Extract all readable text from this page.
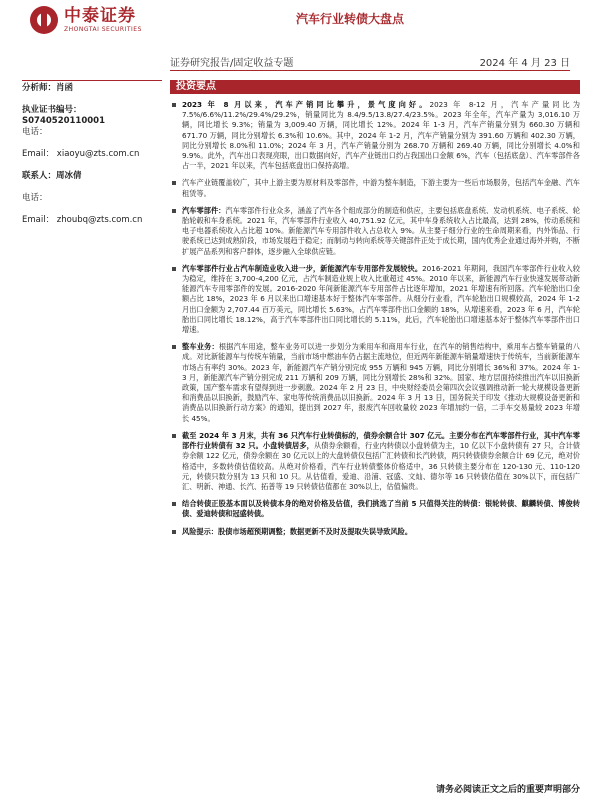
中泰证券
ZHONGTAI SECURITIES
汽车行业转债大盘点
证券研究报告/固定收益专题	2024 年 4 月 23 日
分析师：肖函
执业证书编号：S0740520110001
电话：
Email： xiaoyu@zts.com.cn
联系人：周冰倩
电话：
Email： zhoubq@zts.com.cn
投资要点
2023 年 8 月以来，汽车产销同比攀升，景气度向好。2023 年 8-12 月，汽车产量同比为 7.5%/6.6%/11.2%/29.4%/29.2%，销量同比为 8.4/9.5/13.8/27.4/23.5%。2023 年全年，汽车产量为 3,016.10 万辆，同比增长 9.3%；销量为 3,009.40 万辆，同比增长 12%。2024 年 1-3 月，汽车产销量分别为 660.30 万辆和 671.70 万辆，同比分别增长 6.3%和 10.6%。其中，2024 年 1-2 月，汽车产销量分别为 391.60 万辆和 402.30 万辆，同比分别增长 8.0%和 11.0%；2024 年 3 月，汽车产销量分别为 268.70 万辆和 269.40 万辆，同比分别增长 4.0%和 9.9%。此外，汽车出口表现亮眼，出口数据向好，汽车产业链出口约占我国出口金额 6%，汽车（包括底盘）、汽车零部件各占一半，2021 年以来，汽车包括底盘出口保持高增。
汽车产业链覆盖较广，其中上游主要为原材料及零部件，中游为整车制造，下游主要为一些后市场服务，包括汽车金融、汽车租赁等。
汽车零部件：汽车零部件行业众多，涵盖了汽车各个组成部分的制造和供应，主要包括底盘系统、发动机系统、电子系统、轮胎轮毂和车身系统。2021 年，汽车零部件行业收入 40,751.92 亿元，其中车身系统收入占比最高，达到 28%，传动系统和电子电器系统收入占比超 10%。新能源汽车专用部件收入占总收入 9%。从主要子细分行业的生命周期来看，内外饰品、行驶系统已达到成熟阶段，市场发展趋于稳定；而制动与转向系统等关键部件正处于成长期，国内优秀企业通过海外并购，不断扩展产品系列和客户群体，逐步融入全球供应链。
汽车零部件行业占汽车制造业收入进一步，新能源汽车专用部件发展较快。2016-2021 年期间，我国汽车零部件行业收入较为稳定，维持在 3,700-4,200 亿元，占汽车制造业规上收入比重超过 45%。2010 年以来，新能源汽车行业快速发展带动新能源汽车专用零部件的发展。2016-2020 年间新能源汽车专用部件占比逐年增加，2021 年增速有所回落。汽车轮胎出口金额占比 18%，2023 年 6 月以来出口增速基本好于整体汽车零部件。从细分行业看，汽车轮胎出口规模较高，2024 年 1-2 月出口金额为 2,707.44 百万美元，同比增长 5.63%，占汽车零部件出口金额的 18%，从增速来看，2023 年 6 月，汽车轮胎出口同比增长 18.12%，高于汽车零部件出口同比增长的 5.11%，此后，汽车轮胎出口增速基本好于整体汽车零部件出口增速。
整车业务：根据汽车用途，整车业务可以进一步划分为乘用车和商用车行业，在汽车的销售结构中，乘用车占整车销量的八成。对比新能源车与传统车销量，当前市场中燃油车仍占据主流地位，但近两年新能源车销量增速快于传统车，当前新能源车市场占有率约 30%。2023 年，新能源汽车产销分别完成 955 万辆和 945 万辆，同比分别增长 36%和 37%。2024 年 1-3 月，新能源汽车产销分别完成 211 万辆和 209 万辆，同比分别增长 28%和 32%。国家、地方层面持续推出汽车以旧换新政策，国产整车需求有望得到进一步刺激。2024 年 2 月 23 日，中央财经委员会第四次会议强调推动新一轮大规模设备更新和消费品以旧换新，鼓励汽车、家电等传统消费品以旧换新。2024 年 3 月 13 日，国务院关于印发《推动大规模设备更新和消费品以旧换新行动方案》的通知，提出到 2027 年，报废汽车回收量较 2023 年增加约一倍，二手车交易量较 2023 年增长 45%。
截至 2024 年 3 月末，共有 36 只汽车行业转债标的，债券余额合计 307 亿元。主要分布在汽车零部件行业，其中汽车零部件行业转债有 32 只。小盘转债居多，从债券余额看，行业内转债以小盘转债为主，10 亿以下小盘转债有 27 只，合计债券余额 122 亿元，债券余额在 30 亿元以上的大盘转债仅包括广汇转债和长汽转债，两只转债债券余额合计 69 亿元，绝对价格适中，多数转债估值较高。从绝对价格看，汽车行业转债整体价格适中，36 只转债主要分布在 120-130 元、110-120 元，转债只数分别为 13 只和 10 只。从估值看，爱迪、沿浦、冠盛、文灿、德尔等 16 只转债估值在 30%以下，而包括广汇、明新、神通、长汽、拓普等 19 只转债估值都在 30%以上，估值偏贵。
结合转债正股基本面以及转债本身的绝对价格及估值，我们挑选了当前 5 只值得关注的转债：银轮转债、麒麟转债、博俊转债、爱迪转债和冠盛转债。
风险提示：股债市场超预期调整；数据更新不及时及提取失误导致风险。
请务必阅读正文之后的重要声明部分
